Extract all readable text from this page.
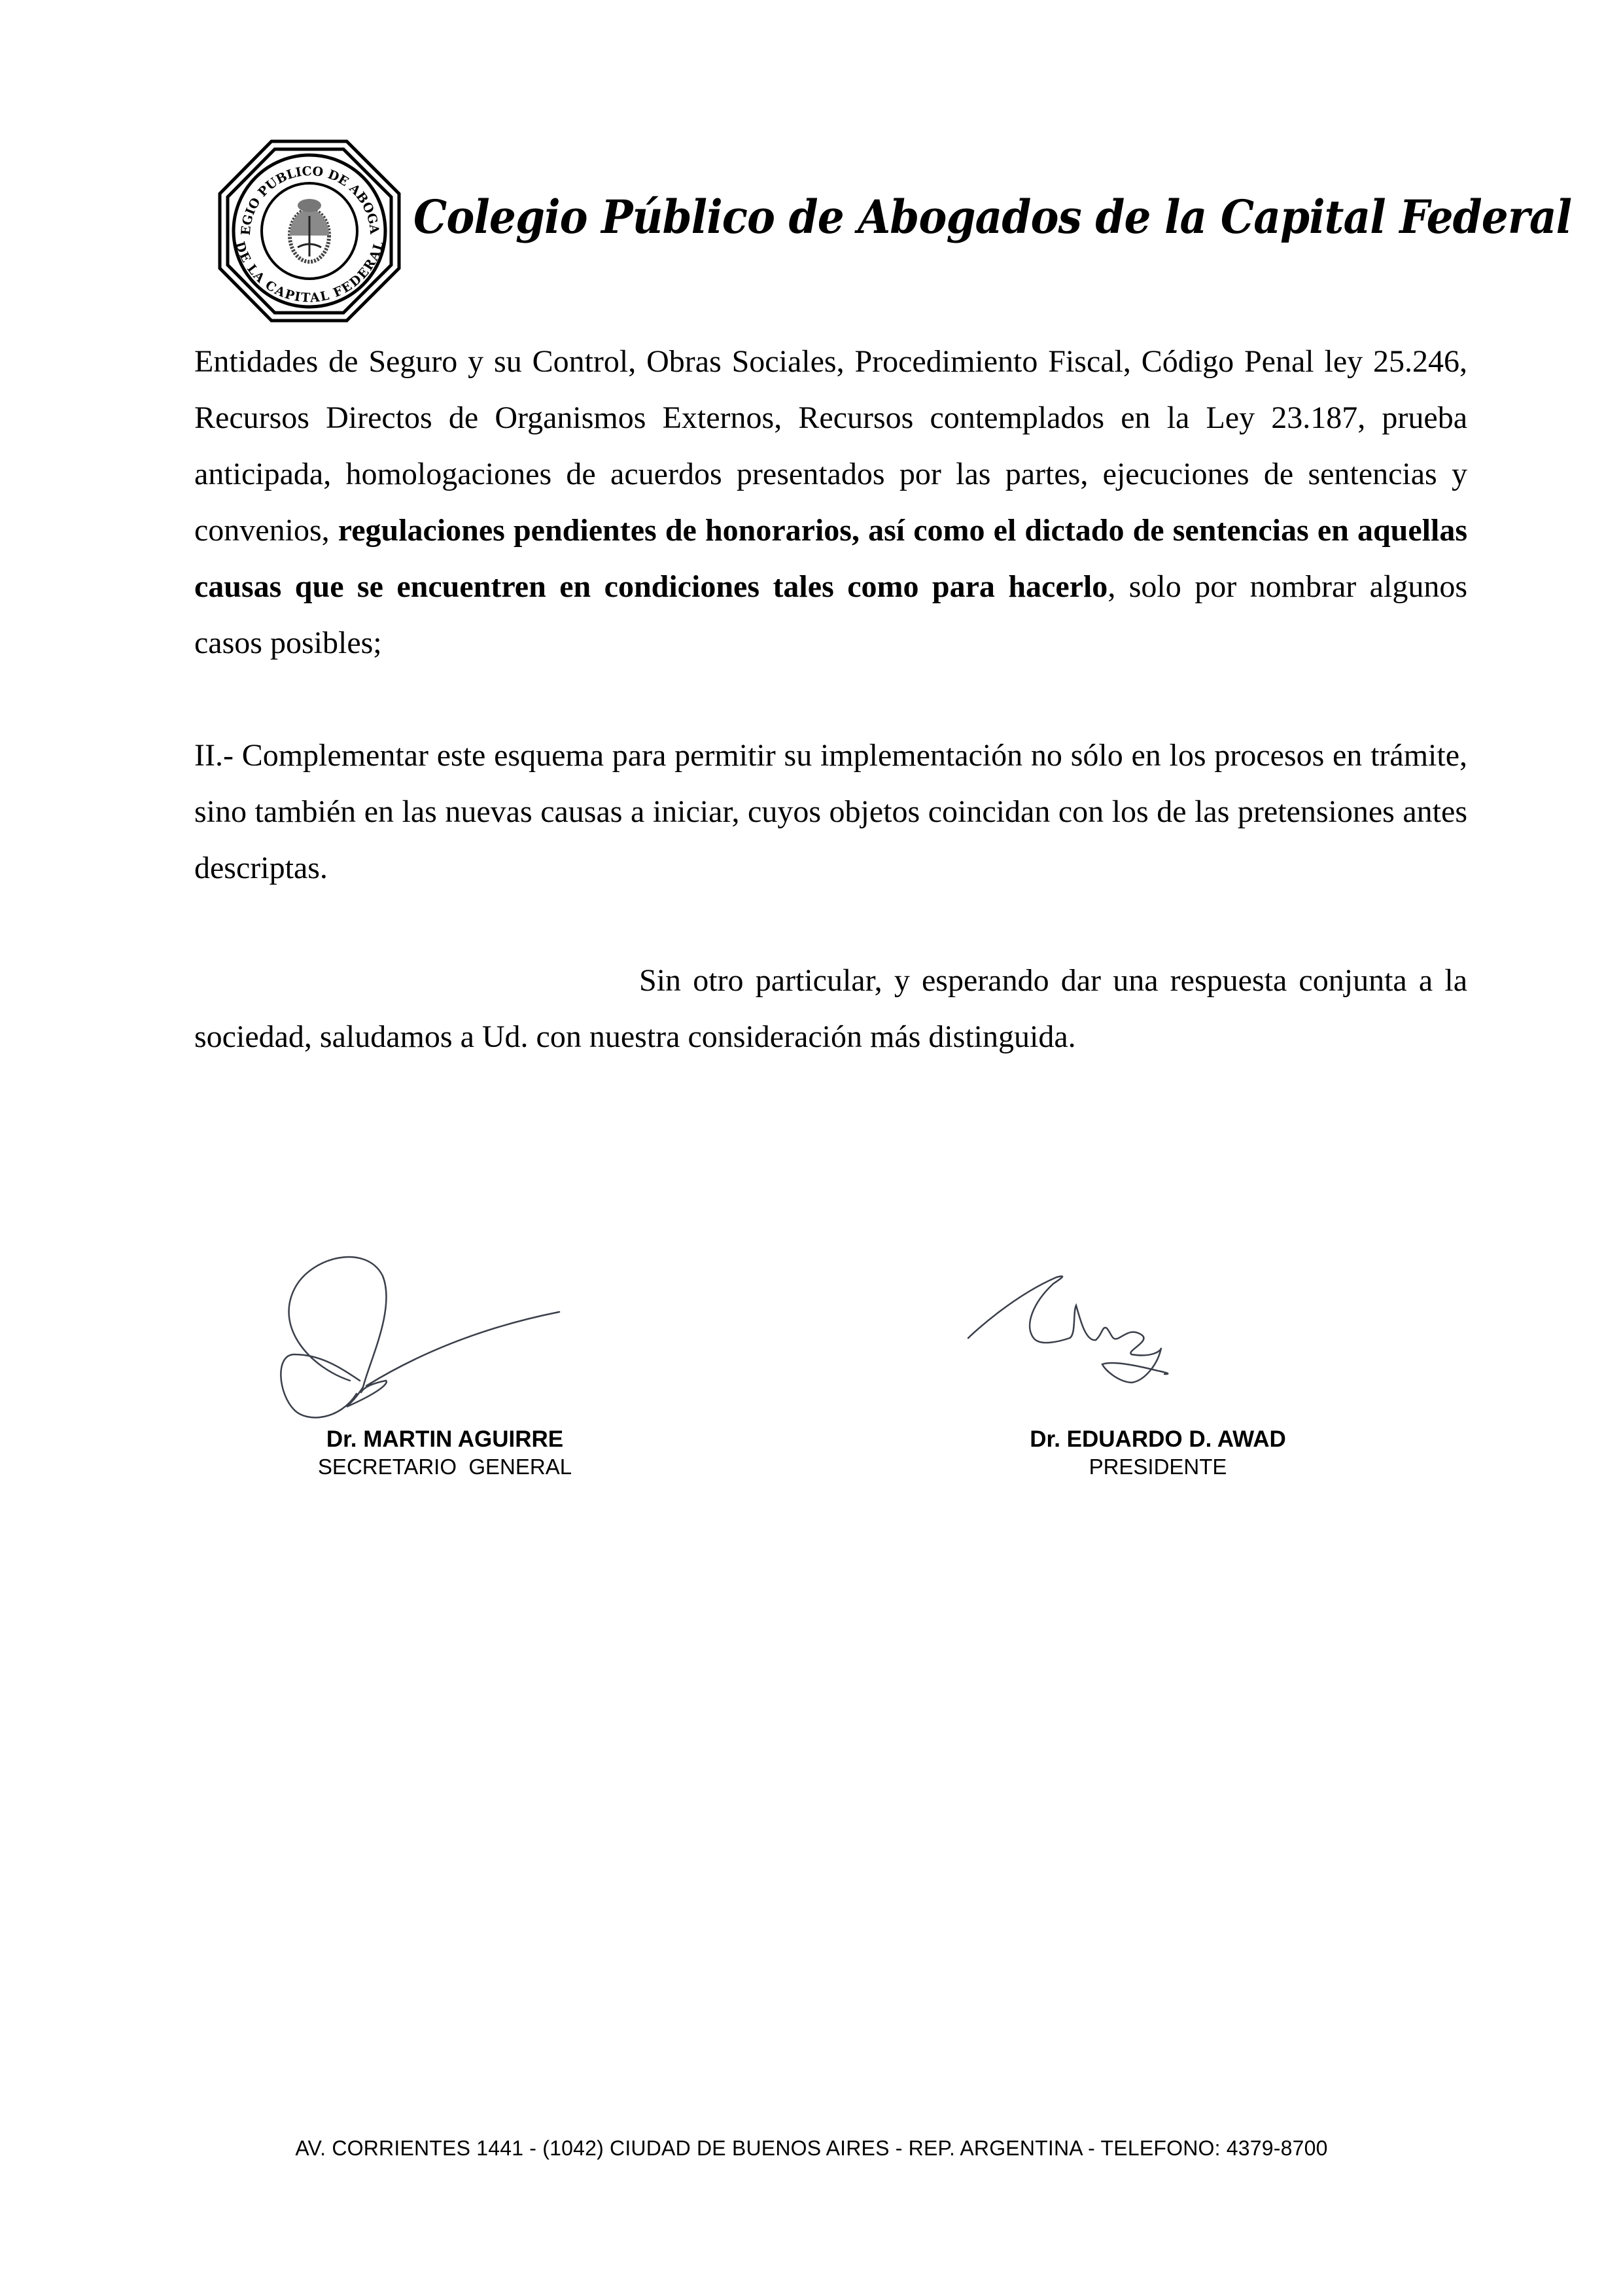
EGIO PUBLICO DE ABOGA
DE LA CAPITAL FEDERAL
Colegio Público de Abogados de la Capital Federal

Entidades de Seguro y su Control, Obras Sociales, Procedimiento Fiscal, Código Penal ley 25.246, Recursos Directos de Organismos Externos, Recursos contemplados en la Ley 23.187, prueba anticipada, homologaciones de acuerdos presentados por las partes, ejecuciones de sentencias y convenios, regulaciones pendientes de honorarios, así como el dictado de sentencias en aquellas causas que se encuentren en condiciones tales como para hacerlo, solo por nombrar algunos casos posibles;

II.- Complementar este esquema para permitir su implementación no sólo en los procesos en trámite, sino también en las nuevas causas a iniciar, cuyos objetos coincidan con los de las pretensiones antes descriptas.

Sin otro particular, y esperando dar una respuesta conjunta a la sociedad, saludamos a Ud. con nuestra consideración más distinguida.

Dr. MARTIN AGUIRRE
SECRETARIO  GENERAL
Dr. EDUARDO D. AWAD
PRESIDENTE
AV. CORRIENTES 1441 - (1042) CIUDAD DE BUENOS AIRES - REP. ARGENTINA - TELEFONO: 4379-8700
